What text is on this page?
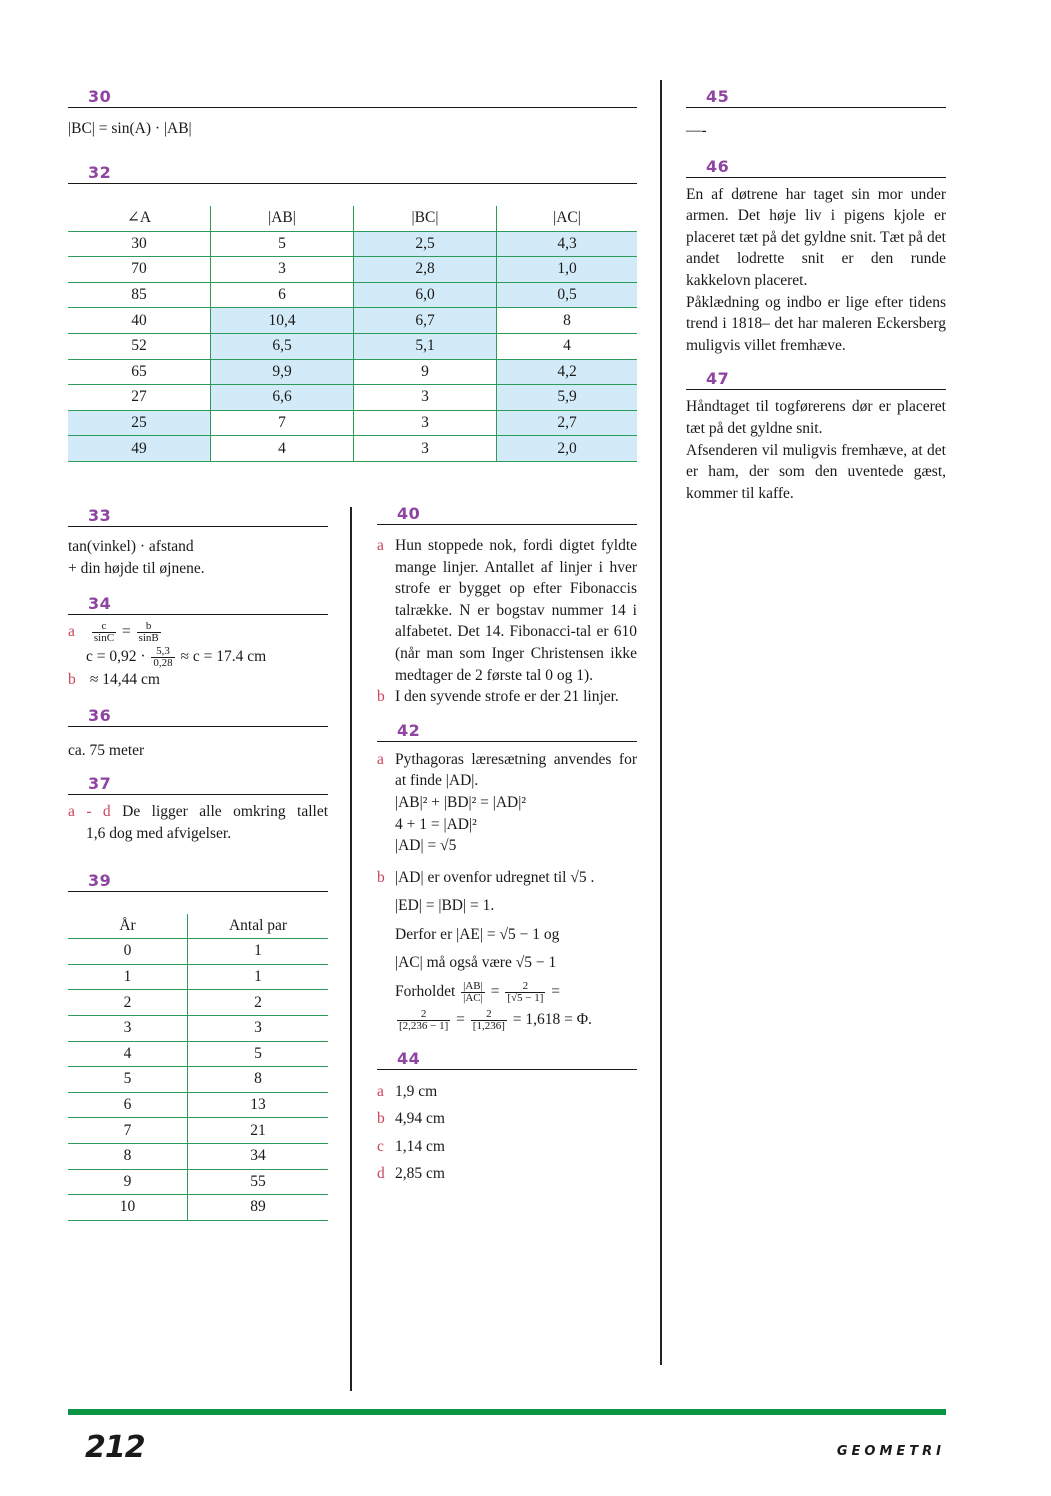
30
|BC| = sin(A) · |AB|
32
∠A	|AB|	|BC|	|AC|
30	5	2,5	4,3
70	3	2,8	1,0
85	6	6,0	0,5
40	10,4	6,7	8
52	6,5	5,1	4
65	9,9	9	4,2
27	6,6	3	5,9
25	7	3	2,7
49	4	3	2,0
33
tan(vinkel) · afstand
+ din højde til øjnene.
34
a $\frac{c}{\sin C} = \frac{b}{\sin B}$
$c = 0,92 \cdot \frac{5,3}{0,28} \approx c = 17.4$ cm
b ≈ 14,44 cm
36
ca. 75 meter
37
a - d De ligger alle omkring tallet
1,6 dog med afvigelser.
39
År	Antal par
0	1
1	1
2	2
3	3
4	5
5	8
6	13
7	21
8	34
9	55
10	89
40
a Hun stoppede nok, fordi digtet fyldte mange linjer. Antallet af linjer i hver strofe er bygget op efter Fibonaccis talrække. N er bogstav nummer 14 i alfabetet. Det 14. Fibonacci-tal er 610 (når man som Inger Christensen ikke medtager de 2 første tal 0 og 1).
b I den syvende strofe er der 21 linjer.
42
a Pythagoras læresætning anvendes for at finde |AD|.
|AB|² + |BD|² = |AD|²
4 + 1 = |AD|²
|AD| = √5
b |AD| er ovenfor udregnet til √5 .
|ED| = |BD| = 1.
Derfor er |AE| = √5 − 1 og
|AC| må også være √5 − 1
Forholdet $\frac{|AB|}{|AC|} = \frac{2}{[√5 - 1]}$ =
$\frac{2}{[2,236 - 1]} = \frac{2}{[1,236]} = 1,618 = \Phi$.
44
a 1,9 cm
b 4,94 cm
c 1,14 cm
d 2,85 cm
45
—-
46
En af døtrene har taget sin mor under armen. Det høje liv i pigens kjole er placeret tæt på det gyldne snit. Tæt på det andet lodrette snit er den runde kakkelovn placeret.
Påklædning og indbo er lige efter tidens trend i 1818– det har maleren Eckersberg muligvis villet fremhæve.
47
Håndtaget til togførerens dør er placeret tæt på det gyldne snit.
Afsenderen vil muligvis fremhæve, at det er ham, der som den uventede gæst, kommer til kaffe.
212	GEOMETRI
